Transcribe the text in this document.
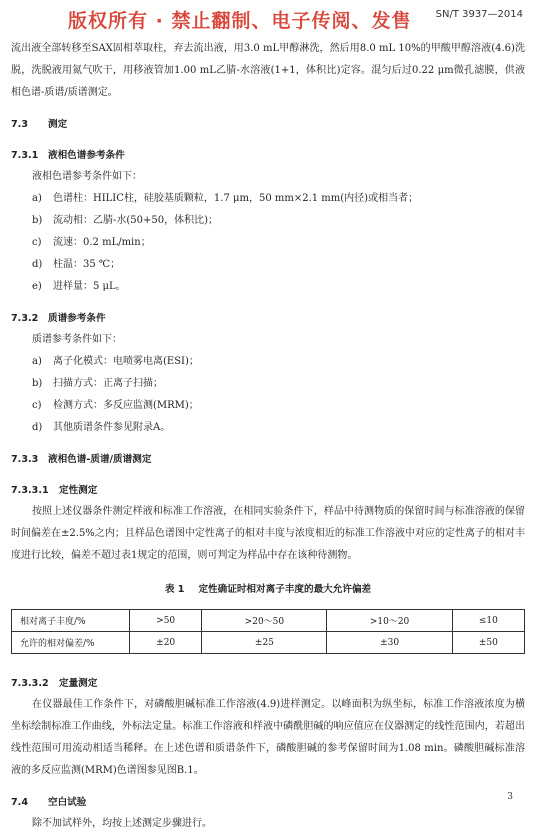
版权所有 · 禁止翻制、电子传阅、发售 SN/T 3937—2014

流出液全部转移至SAX固相萃取柱，弃去流出液，用3.0 mL甲醇淋洗，然后用8.0 mL 10%的甲酸甲醇溶液(4.6)洗脱，洗脱液用氮气吹干，用移液管加1.00 mL乙腈-水溶液(1+1，体积比)定容。混匀后过0.22 μm微孔滤膜，供液相色谱-质谱/质谱测定。

7.3 测定
7.3.1 液相色谱参考条件
液相色谱参考条件如下：
a)	色谱柱：HILIC柱，硅胶基质颗粒，1.7 μm，50 mm×2.1 mm(内径)或相当者；
b)	流动相：乙腈-水(50+50，体积比)；
c)	流速：0.2 mL/min；
d)	柱温：35 ℃；
e)	进样量：5 μL。
7.3.2 质谱参考条件
质谱参考条件如下：
a)	离子化模式：电喷雾电离(ESI)；
b)	扫描方式：正离子扫描；
c)	检测方式：多反应监测(MRM)；
d)	其他质谱条件参见附录A。
7.3.3 液相色谱-质谱/质谱测定
7.3.3.1 定性测定

按照上述仪器条件测定样液和标准工作溶液，在相同实验条件下，样品中待测物质的保留时间与标准溶液的保留时间偏差在±2.5%之内；且样品色谱图中定性离子的相对丰度与浓度相近的标准工作溶液中对应的定性离子的相对丰度进行比较，偏差不超过表1规定的范围，则可判定为样品中存在该种待测物。

表 1 定性确证时相对离子丰度的最大允许偏差
相对离子丰度/%	>50	>20～50	>10～20	≤10
允许的相对偏差/%	±20	±25	±30	±50
7.3.3.2 定量测定

在仪器最佳工作条件下，对磷酸胆碱标准工作溶液(4.9)进样测定。以峰面积为纵坐标，标准工作溶液浓度为横坐标绘制标准工作曲线，外标法定量。标准工作溶液和样液中磷酰胆碱的响应值应在仪器测定的线性范围内，若超出线性范围可用流动相适当稀释。在上述色谱和质谱条件下，磷酸胆碱的参考保留时间为1.08 min。磷酸胆碱标准溶液的多反应监测(MRM)色谱图参见图B.1。

7.4 空白试验

除不加试样外，均按上述测定步骤进行。

3
